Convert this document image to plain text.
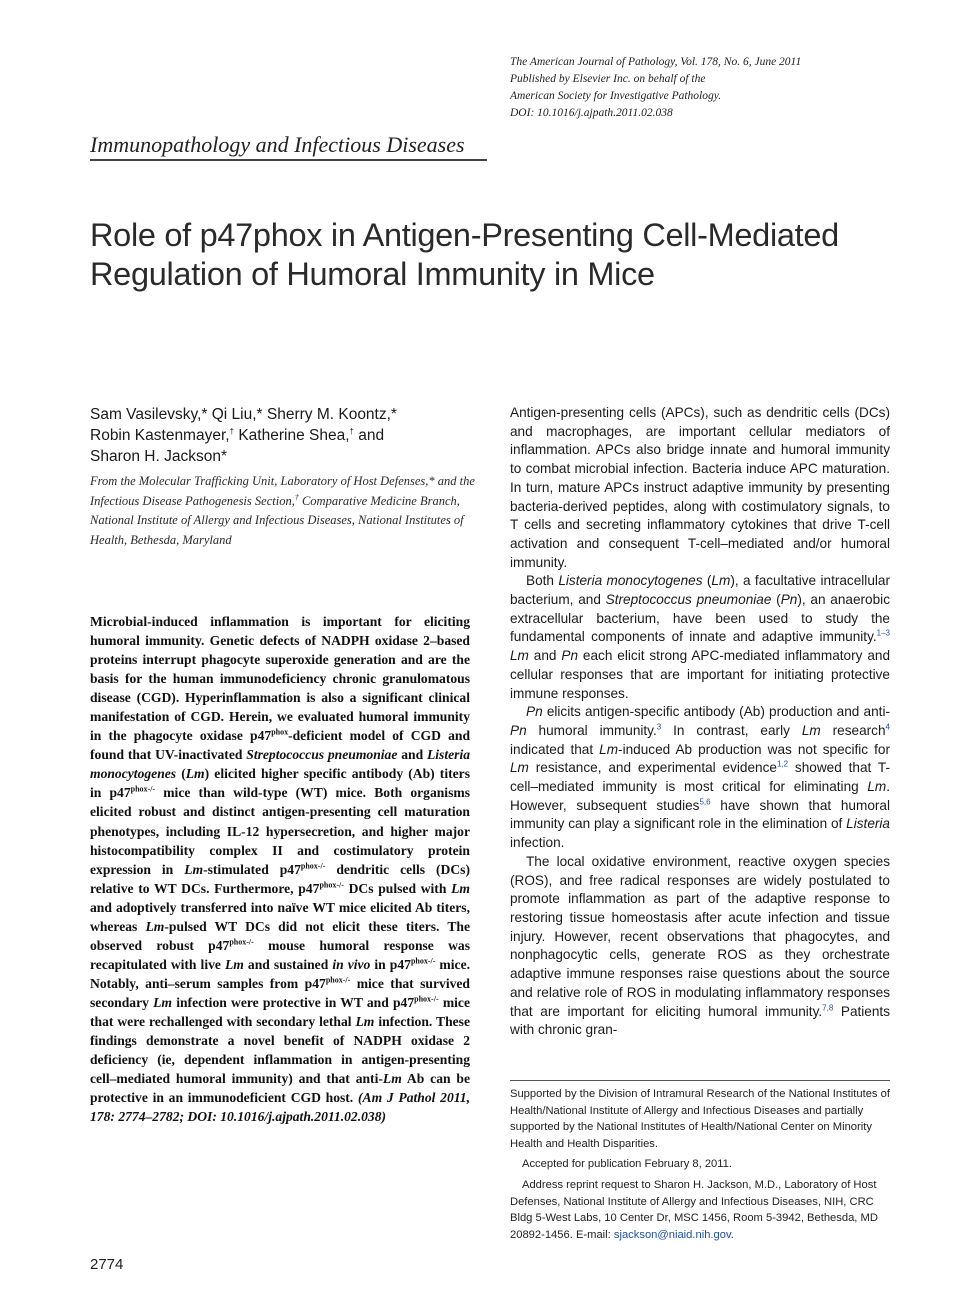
The American Journal of Pathology, Vol. 178, No. 6, June 2011
Published by Elsevier Inc. on behalf of the
American Society for Investigative Pathology.
DOI: 10.1016/j.ajpath.2011.02.038
Immunopathology and Infectious Diseases
Role of p47phox in Antigen-Presenting Cell-Mediated Regulation of Humoral Immunity in Mice
Sam Vasilevsky,* Qi Liu,* Sherry M. Koontz,*
Robin Kastenmayer,† Katherine Shea,† and
Sharon H. Jackson*
From the Molecular Trafficking Unit, Laboratory of Host Defenses,* and the Infectious Disease Pathogenesis Section,† Comparative Medicine Branch, National Institute of Allergy and Infectious Diseases, National Institutes of Health, Bethesda, Maryland
Microbial-induced inflammation is important for eliciting humoral immunity. Genetic defects of NADPH oxidase 2–based proteins interrupt phagocyte superoxide generation and are the basis for the human immunodeficiency chronic granulomatous disease (CGD). Hyperinflammation is also a significant clinical manifestation of CGD. Herein, we evaluated humoral immunity in the phagocyte oxidase $p47^{phox}$-deficient model of CGD and found that UV-inactivated Streptococcus pneumoniae and Listeria monocytogenes (Lm) elicited higher specific antibody (Ab) titers in $p47^{phox-/-}$ mice than wild-type (WT) mice. Both organisms elicited robust and distinct antigen-presenting cell maturation phenotypes, including IL-12 hypersecretion, and higher major histocompatibility complex II and costimulatory protein expression in Lm-stimulated $p47^{phox-/-}$ dendritic cells (DCs) relative to WT DCs. Furthermore, $p47^{phox-/-}$ DCs pulsed with Lm and adoptively transferred into naïve WT mice elicited Ab titers, whereas Lm-pulsed WT DCs did not elicit these titers. The observed robust $p47^{phox-/-}$ mouse humoral response was recapitulated with live Lm and sustained in vivo in $p47^{phox-/-}$ mice. Notably, anti–serum samples from $p47^{phox-/-}$ mice that survived secondary Lm infection were protective in WT and $p47^{phox-/-}$ mice that were rechallenged with secondary lethal Lm infection. These findings demonstrate a novel benefit of NADPH oxidase 2 deficiency (ie, dependent inflammation in antigen-presenting cell–mediated humoral immunity) and that anti-Lm Ab can be protective in an immunodeficient CGD host. (Am J Pathol 2011, 178: 2774–2782; DOI: 10.1016/j.ajpath.2011.02.038)

Antigen-presenting cells (APCs), such as dendritic cells (DCs) and macrophages, are important cellular mediators of inflammation. APCs also bridge innate and humoral immunity to combat microbial infection. Bacteria induce APC maturation. In turn, mature APCs instruct adaptive immunity by presenting bacteria-derived peptides, along with costimulatory signals, to T cells and secreting inflammatory cytokines that drive T-cell activation and consequent T-cell–mediated and/or humoral immunity.

Both Listeria monocytogenes (Lm), a facultative intracellular bacterium, and Streptococcus pneumoniae (Pn), an anaerobic extracellular bacterium, have been used to study the fundamental components of innate and adaptive immunity.$^{1-3}$ Lm and Pn each elicit strong APC-mediated inflammatory and cellular responses that are important for initiating protective immune responses.

Pn elicits antigen-specific antibody (Ab) production and anti-Pn humoral immunity.$^3$ In contrast, early Lm research$^4$ indicated that Lm-induced Ab production was not specific for Lm resistance, and experimental evidence$^{1,2}$ showed that T-cell–mediated immunity is most critical for eliminating Lm. However, subsequent studies$^{5,6}$ have shown that humoral immunity can play a significant role in the elimination of Listeria infection.

The local oxidative environment, reactive oxygen species (ROS), and free radical responses are widely postulated to promote inflammation as part of the adaptive response to restoring tissue homeostasis after acute infection and tissue injury. However, recent observations that phagocytes, and nonphagocytic cells, generate ROS as they orchestrate adaptive immune responses raise questions about the source and relative role of ROS in modulating inflammatory responses that are important for eliciting humoral immunity.$^{7,8}$ Patients with chronic gran-

Supported by the Division of Intramural Research of the National Institutes of Health/National Institute of Allergy and Infectious Diseases and partially supported by the National Institutes of Health/National Center on Minority Health and Health Disparities.

Accepted for publication February 8, 2011.

Address reprint request to Sharon H. Jackson, M.D., Laboratory of Host Defenses, National Institute of Allergy and Infectious Diseases, NIH, CRC Bldg 5-West Labs, 10 Center Dr, MSC 1456, Room 5-3942, Bethesda, MD 20892-1456. E-mail: sjackson@niaid.nih.gov.

2774
